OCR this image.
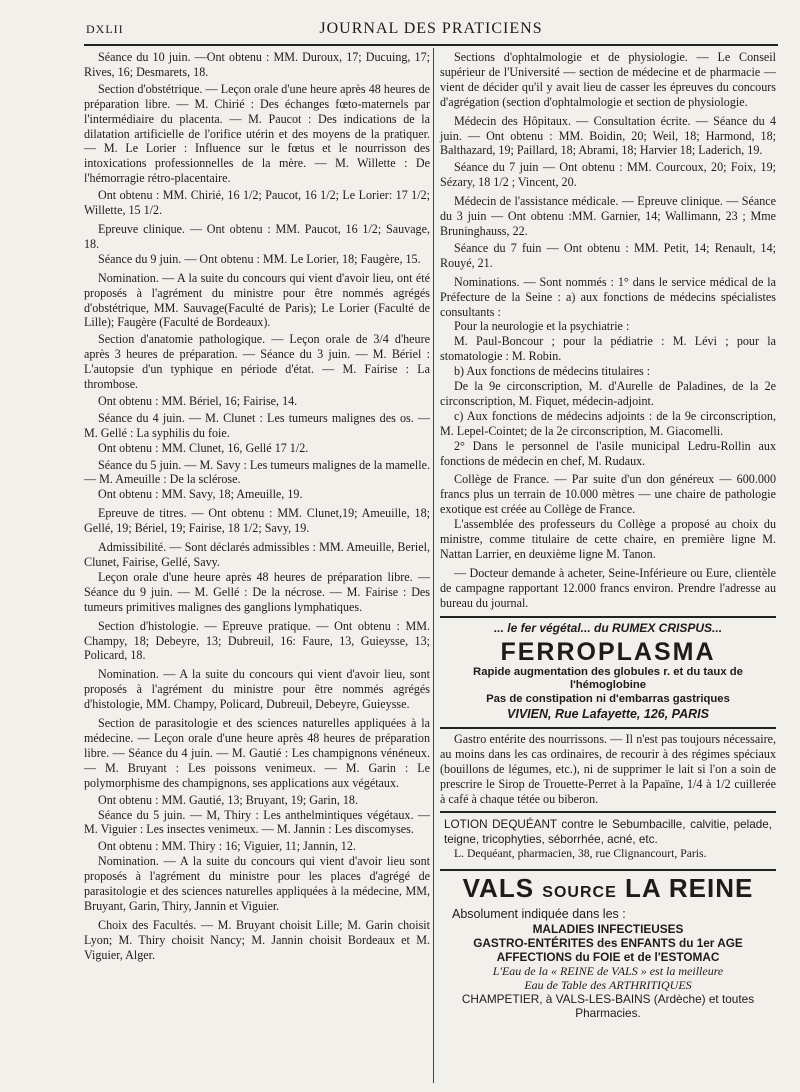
DXLII	JOURNAL DES PRATICIENS

Séance du 10 juin. —Ont obtenu : MM. Duroux, 17; Ducuing, 17; Rives, 16; Desmarets, 18.

Section d'obstétrique. — Leçon orale d'une heure après 48 heures de préparation libre. — M. Chirié : Des échanges fœto-maternels par l'intermédiaire du placenta. — M. Paucot : Des indications de la dilatation artificielle de l'orifice utérin et des moyens de la pratiquer. — M. Le Lorier : Influence sur le fœtus et le nourrisson des intoxications professionnelles de la mère. — M. Willette : De l'hémorragie rétro-placentaire.

Ont obtenu : MM. Chirié, 16 1/2; Paucot, 16 1/2; Le Lorier: 17 1/2; Willette, 15 1/2.

Epreuve clinique. — Ont obtenu : MM. Paucot, 16 1/2; Sauvage, 18.

Séance du 9 juin. — Ont obtenu : MM. Le Lorier, 18; Faugère, 15.

Nomination. — A la suite du concours qui vient d'avoir lieu, ont été proposés à l'agrément du ministre pour être nommés agrégés d'obstétrique, MM. Sauvage(Faculté de Paris); Le Lorier (Faculté de Lille); Faugère (Faculté de Bordeaux).

Section d'anatomie pathologique. — Leçon orale de 3/4 d'heure après 3 heures de préparation. — Séance du 3 juin. — M. Bériel : L'autopsie d'un typhique en période d'état. — M. Fairise : La thrombose.

Ont obtenu : MM. Bériel, 16; Fairise, 14.

Séance du 4 juin. — M. Clunet : Les tumeurs malignes des os. — M. Gellé : La syphilis du foie.

Ont obtenu : MM. Clunet, 16, Gellé 17 1/2.

Séance du 5 juin. — M. Savy : Les tumeurs malignes de la mamelle. — M. Ameuille : De la sclérose.

Ont obtenu : MM. Savy, 18; Ameuille, 19.

Epreuve de titres. — Ont obtenu : MM. Clunet,19; Ameuille, 18; Gellé, 19; Bériel, 19; Fairise, 18 1/2; Savy, 19.

Admissibilité. — Sont déclarés admissibles : MM. Ameuille, Beriel, Clunet, Fairise, Gellé, Savy.

Leçon orale d'une heure après 48 heures de préparation libre. — Séance du 9 juin. — M. Gellé : De la nécrose. — M. Fairise : Des tumeurs primitives malignes des ganglions lymphatiques.

Section d'histologie. — Epreuve pratique. — Ont obtenu : MM. Champy, 18; Debeyre, 13; Dubreuil, 16: Faure, 13, Guieysse, 13; Policard, 18.

Nomination. — A la suite du concours qui vient d'avoir lieu, sont proposés à l'agrément du ministre pour être nommés agrégés d'histologie, MM. Champy, Policard, Dubreuil, Debeyre, Guieysse.

Section de parasitologie et des sciences naturelles appliquées à la médecine. — Leçon orale d'une heure après 48 heures de préparation libre. — Séance du 4 juin. — M. Gautié : Les champignons vénéneux. — M. Bruyant : Les poissons venimeux. — M. Garin : Le polymorphisme des champignons, ses applications aux végétaux.

Ont obtenu : MM. Gautié, 13; Bruyant, 19; Garin, 18.

Séance du 5 juin. — M, Thiry : Les anthelmintiques végétaux. — M. Viguier : Les insectes venimeux. — M. Jannin : Les discomyses.

Ont obtenu : MM. Thiry : 16; Viguier, 11; Jannin, 12.

Nomination. — A la suite du concours qui vient d'avoir lieu sont proposés à l'agrément du ministre pour les places d'agrégé de parasitologie et des sciences naturelles appliquées à la médecine, MM, Bruyant, Garin, Thiry, Jannin et Viguier.

Choix des Facultés. — M. Bruyant choisit Lille; M. Garin choisit Lyon; M. Thiry choisit Nancy; M. Jannin choisit Bordeaux et M. Viguier, Alger.

Sections d'ophtalmologie et de physiologie. — Le Conseil supérieur de l'Université — section de médecine et de pharmacie — vient de décider qu'il y avait lieu de casser les épreuves du concours d'agrégation (section d'ophtalmologie et section de physiologie.

Médecin des Hôpitaux. — Consultation écrite. — Séance du 4 juin. — Ont obtenu : MM. Boidin, 20; Weil, 18; Harmond, 18; Balthazard, 19; Paillard, 18; Abrami, 18; Harvier 18; Laderich, 19.

Séance du 7 juin — Ont obtenu : MM. Courcoux, 20; Foix, 19; Sézary, 18 1/2 ; Vincent, 20.

Médecin de l'assistance médicale. — Epreuve clinique. — Séance du 3 juin — Ont obtenu :MM. Garnier, 14; Wallimann, 23 ; Mme Bruninghauss, 22.

Séance du 7 fuin — Ont obtenu : MM. Petit, 14; Renault, 14; Rouyé, 21.

Nominations. — Sont nommés : 1° dans le service médical de la Préfecture de la Seine : a) aux fonctions de médecins spécialistes consultants :

Pour la neurologie et la psychiatrie :

M. Paul-Boncour ; pour la pédiatrie : M. Lévi ; pour la stomatologie : M. Robin.

b) Aux fonctions de médecins titulaires :

De la 9e circonscription, M. d'Aurelle de Paladines, de la 2e circonscription, M. Fiquet, médecin-adjoint.

c) Aux fonctions de médecins adjoints : de la 9e circonscription, M. Lepel-Cointet; de la 2e circonscription, M. Giacomelli.

2° Dans le personnel de l'asile municipal Ledru-Rollin aux fonctions de médecin en chef, M. Rudaux.

Collège de France. — Par suite d'un don généreux — 600.000 francs plus un terrain de 10.000 mètres — une chaire de pathologie exotique est créée au Collège de France.

L'assemblée des professeurs du Collège a proposé au choix du ministre, comme titulaire de cette chaire, en première ligne M. Nattan Larrier, en deuxième ligne M. Tanon.

— Docteur demande à acheter, Seine-Inférieure ou Eure, clientèle de campagne rapportant 12.000 francs environ. Prendre l'adresse au bureau du journal.

... le fer végétal... du RUMEX CRISPUS...
FERROPLASMA
Rapide augmentation des globules r. et du taux de l'hémoglobine
Pas de constipation ni d'embarras gastriques
VIVIEN, Rue Lafayette, 126, PARIS

Gastro entérite des nourrissons. — Il n'est pas toujours nécessaire, au moins dans les cas ordinaires, de recourir à des régimes spéciaux (bouillons de légumes, etc.), ni de supprimer le lait si l'on a soin de prescrire le Sirop de Trouette-Perret à la Papaïne, 1/4 à 1/2 cuillerée à café à chaque tétée ou biberon.

LOTION DEQUÉANT contre le Sebumbacille, calvitie, pelade, teigne, tricophyties, séborrhée, acné, etc.
L. Dequéant, pharmacien, 38, rue Clignancourt, Paris.
VALS SOURCE LA REINE
Absolument indiquée dans les :
MALADIES INFECTIEUSES
GASTRO-ENTÉRITES des ENFANTS du 1er AGE
AFFECTIONS du FOIE et de l'ESTOMAC
L'Eau de la « REINE de VALS » est la meilleure
Eau de Table des ARTHRITIQUES
CHAMPETIER, à VALS-LES-BAINS (Ardèche) et toutes Pharmacies.
